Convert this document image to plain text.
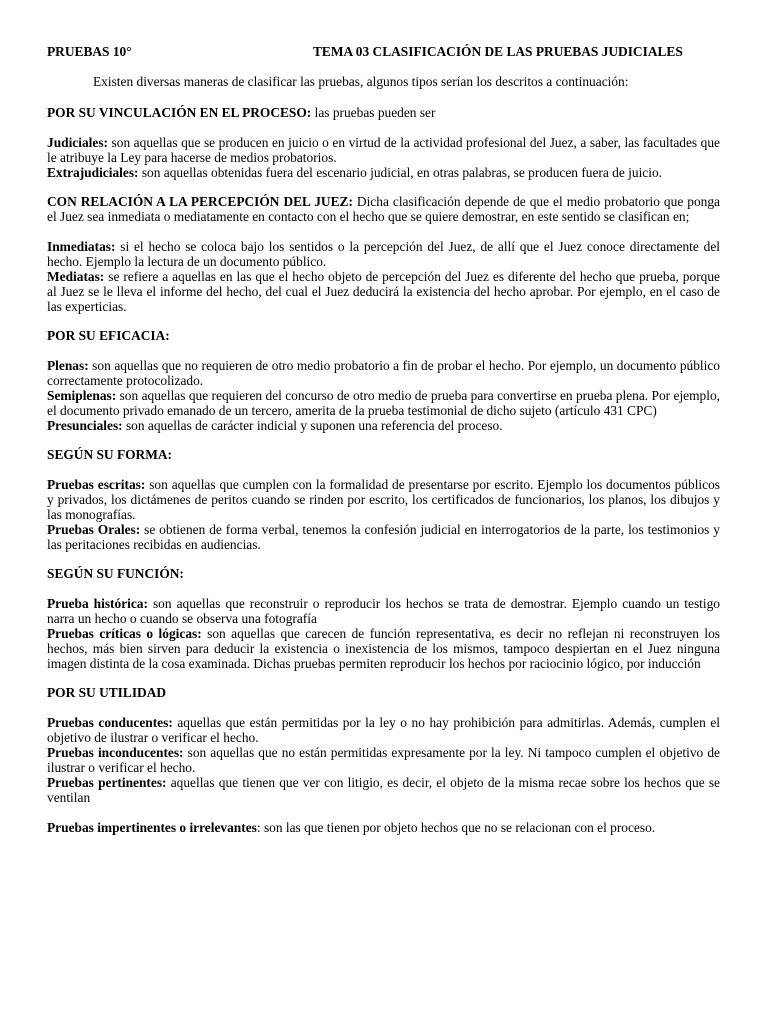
PRUEBAS 10°	TEMA 03 CLASIFICACIÓN DE LAS PRUEBAS JUDICIALES

Existen diversas maneras de clasificar las pruebas, algunos tipos serían los descritos a continuación:

POR SU VINCULACIÓN EN EL PROCESO: las pruebas pueden ser

Judiciales: son aquellas que se producen en juicio o en virtud de la actividad profesional del Juez, a saber, las facultades que le atribuye la Ley para hacerse de medios probatorios.

Extrajudiciales: son aquellas obtenidas fuera del escenario judicial, en otras palabras, se producen fuera de juicio.

CON RELACIÓN A LA PERCEPCIÓN DEL JUEZ: Dicha clasificación depende de que el medio probatorio que ponga el Juez sea inmediata o mediatamente en contacto con el hecho que se quiere demostrar, en este sentido se clasifican en;

Inmediatas: si el hecho se coloca bajo los sentidos o la percepción del Juez, de allí que el Juez conoce directamente del hecho. Ejemplo la lectura de un documento público.

Mediatas: se refiere a aquellas en las que el hecho objeto de percepción del Juez es diferente del hecho que prueba, porque al Juez se le lleva el informe del hecho, del cual el Juez deducirá la existencia del hecho aprobar. Por ejemplo, en el caso de las experticias.

POR SU EFICACIA:

Plenas: son aquellas que no requieren de otro medio probatorio a fin de probar el hecho. Por ejemplo, un documento público correctamente protocolizado.

Semiplenas: son aquellas que requieren del concurso de otro medio de prueba para convertirse en prueba plena. Por ejemplo, el documento privado emanado de un tercero, amerita de la prueba testimonial de dicho sujeto (artículo 431 CPC)

Presunciales: son aquellas de carácter indicial y suponen una referencia del proceso.

SEGÚN SU FORMA:

Pruebas escritas: son aquellas que cumplen con la formalidad de presentarse por escrito. Ejemplo los documentos públicos y privados, los dictámenes de peritos cuando se rinden por escrito, los certificados de funcionarios, los planos, los dibujos y las monografías.

Pruebas Orales: se obtienen de forma verbal, tenemos la confesión judicial en interrogatorios de la parte, los testimonios y las peritaciones recibidas en audiencias.

SEGÚN SU FUNCIÓN:

Prueba histórica: son aquellas que reconstruir o reproducir los hechos se trata de demostrar. Ejemplo cuando un testigo narra un hecho o cuando se observa una fotografía

Pruebas críticas o lógicas: son aquellas que carecen de función representativa, es decir no reflejan ni reconstruyen los hechos, más bien sirven para deducir la existencia o inexistencia de los mismos, tampoco despiertan en el Juez ninguna imagen distinta de la cosa examinada. Dichas pruebas permiten reproducir los hechos por raciocinio lógico, por inducción

POR SU UTILIDAD

Pruebas conducentes: aquellas que están permitidas por la ley o no hay prohibición para admitirlas. Además, cumplen el objetivo de ilustrar o verificar el hecho.

Pruebas inconducentes: son aquellas que no están permitidas expresamente por la ley. Ni tampoco cumplen el objetivo de ilustrar o verificar el hecho.

Pruebas pertinentes: aquellas que tienen que ver con litigio, es decir, el objeto de la misma recae sobre los hechos que se ventilan

Pruebas impertinentes o irrelevantes: son las que tienen por objeto hechos que no se relacionan con el proceso.
